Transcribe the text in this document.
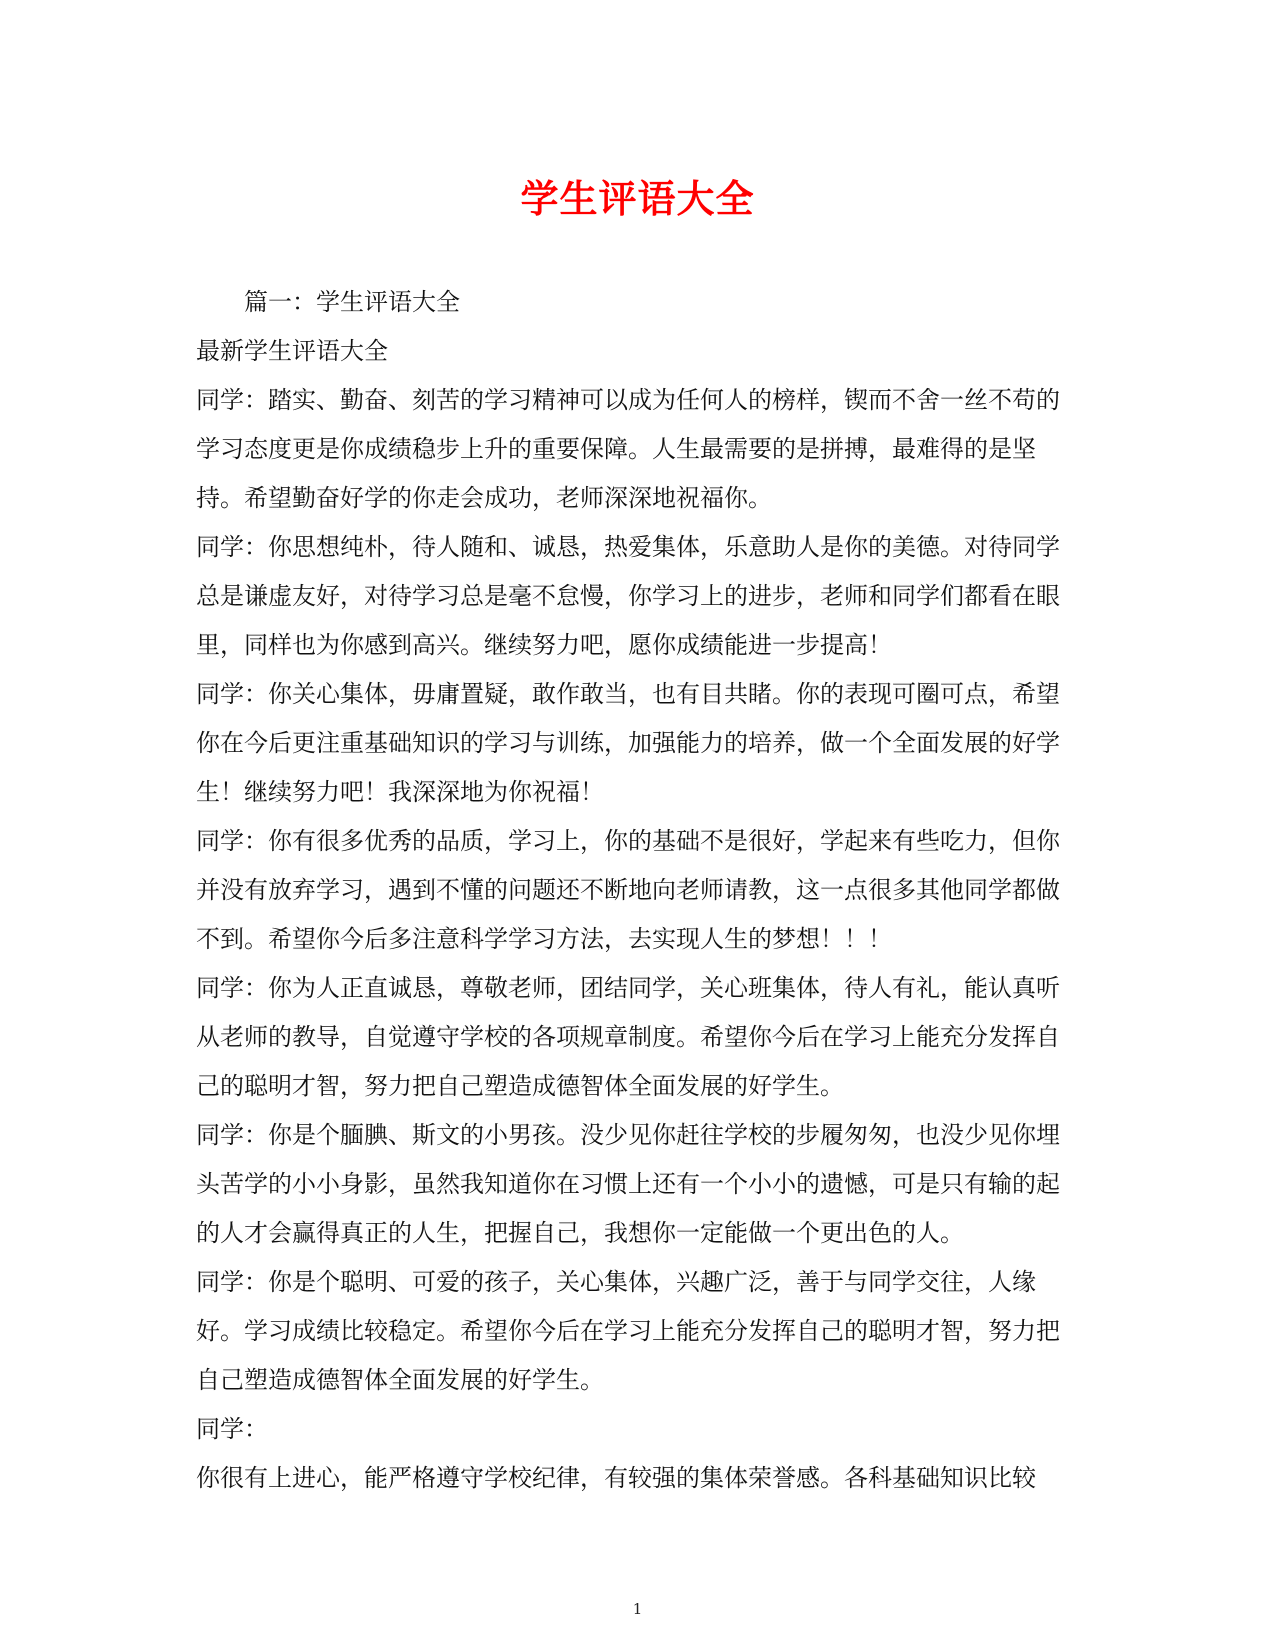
学生评语大全

篇一：学生评语大全

最新学生评语大全

同学：踏实、勤奋、刻苦的学习精神可以成为任何人的榜样，锲而不舍一丝不苟的学习态度更是你成绩稳步上升的重要保障。人生最需要的是拼搏，最难得的是坚持。希望勤奋好学的你走会成功，老师深深地祝福你。

同学：你思想纯朴，待人随和、诚恳，热爱集体，乐意助人是你的美德。对待同学总是谦虚友好，对待学习总是毫不怠慢，你学习上的进步，老师和同学们都看在眼里，同样也为你感到高兴。继续努力吧，愿你成绩能进一步提高！

同学：你关心集体，毋庸置疑，敢作敢当，也有目共睹。你的表现可圈可点，希望你在今后更注重基础知识的学习与训练，加强能力的培养，做一个全面发展的好学生！继续努力吧！我深深地为你祝福！

同学：你有很多优秀的品质，学习上，你的基础不是很好，学起来有些吃力，但你并没有放弃学习，遇到不懂的问题还不断地向老师请教，这一点很多其他同学都做不到。希望你今后多注意科学学习方法，去实现人生的梦想！！！

同学：你为人正直诚恳，尊敬老师，团结同学，关心班集体，待人有礼，能认真听从老师的教导，自觉遵守学校的各项规章制度。希望你今后在学习上能充分发挥自己的聪明才智，努力把自己塑造成德智体全面发展的好学生。

同学：你是个腼腆、斯文的小男孩。没少见你赶往学校的步履匆匆，也没少见你埋头苦学的小小身影，虽然我知道你在习惯上还有一个小小的遗憾，可是只有输的起的人才会赢得真正的人生，把握自己，我想你一定能做一个更出色的人。

同学：你是个聪明、可爱的孩子，关心集体，兴趣广泛，善于与同学交往，人缘好。学习成绩比较稳定。希望你今后在学习上能充分发挥自己的聪明才智，努力把自己塑造成德智体全面发展的好学生。

同学：

你很有上进心，能严格遵守学校纪律，有较强的集体荣誉感。各科基础知识比较

1
